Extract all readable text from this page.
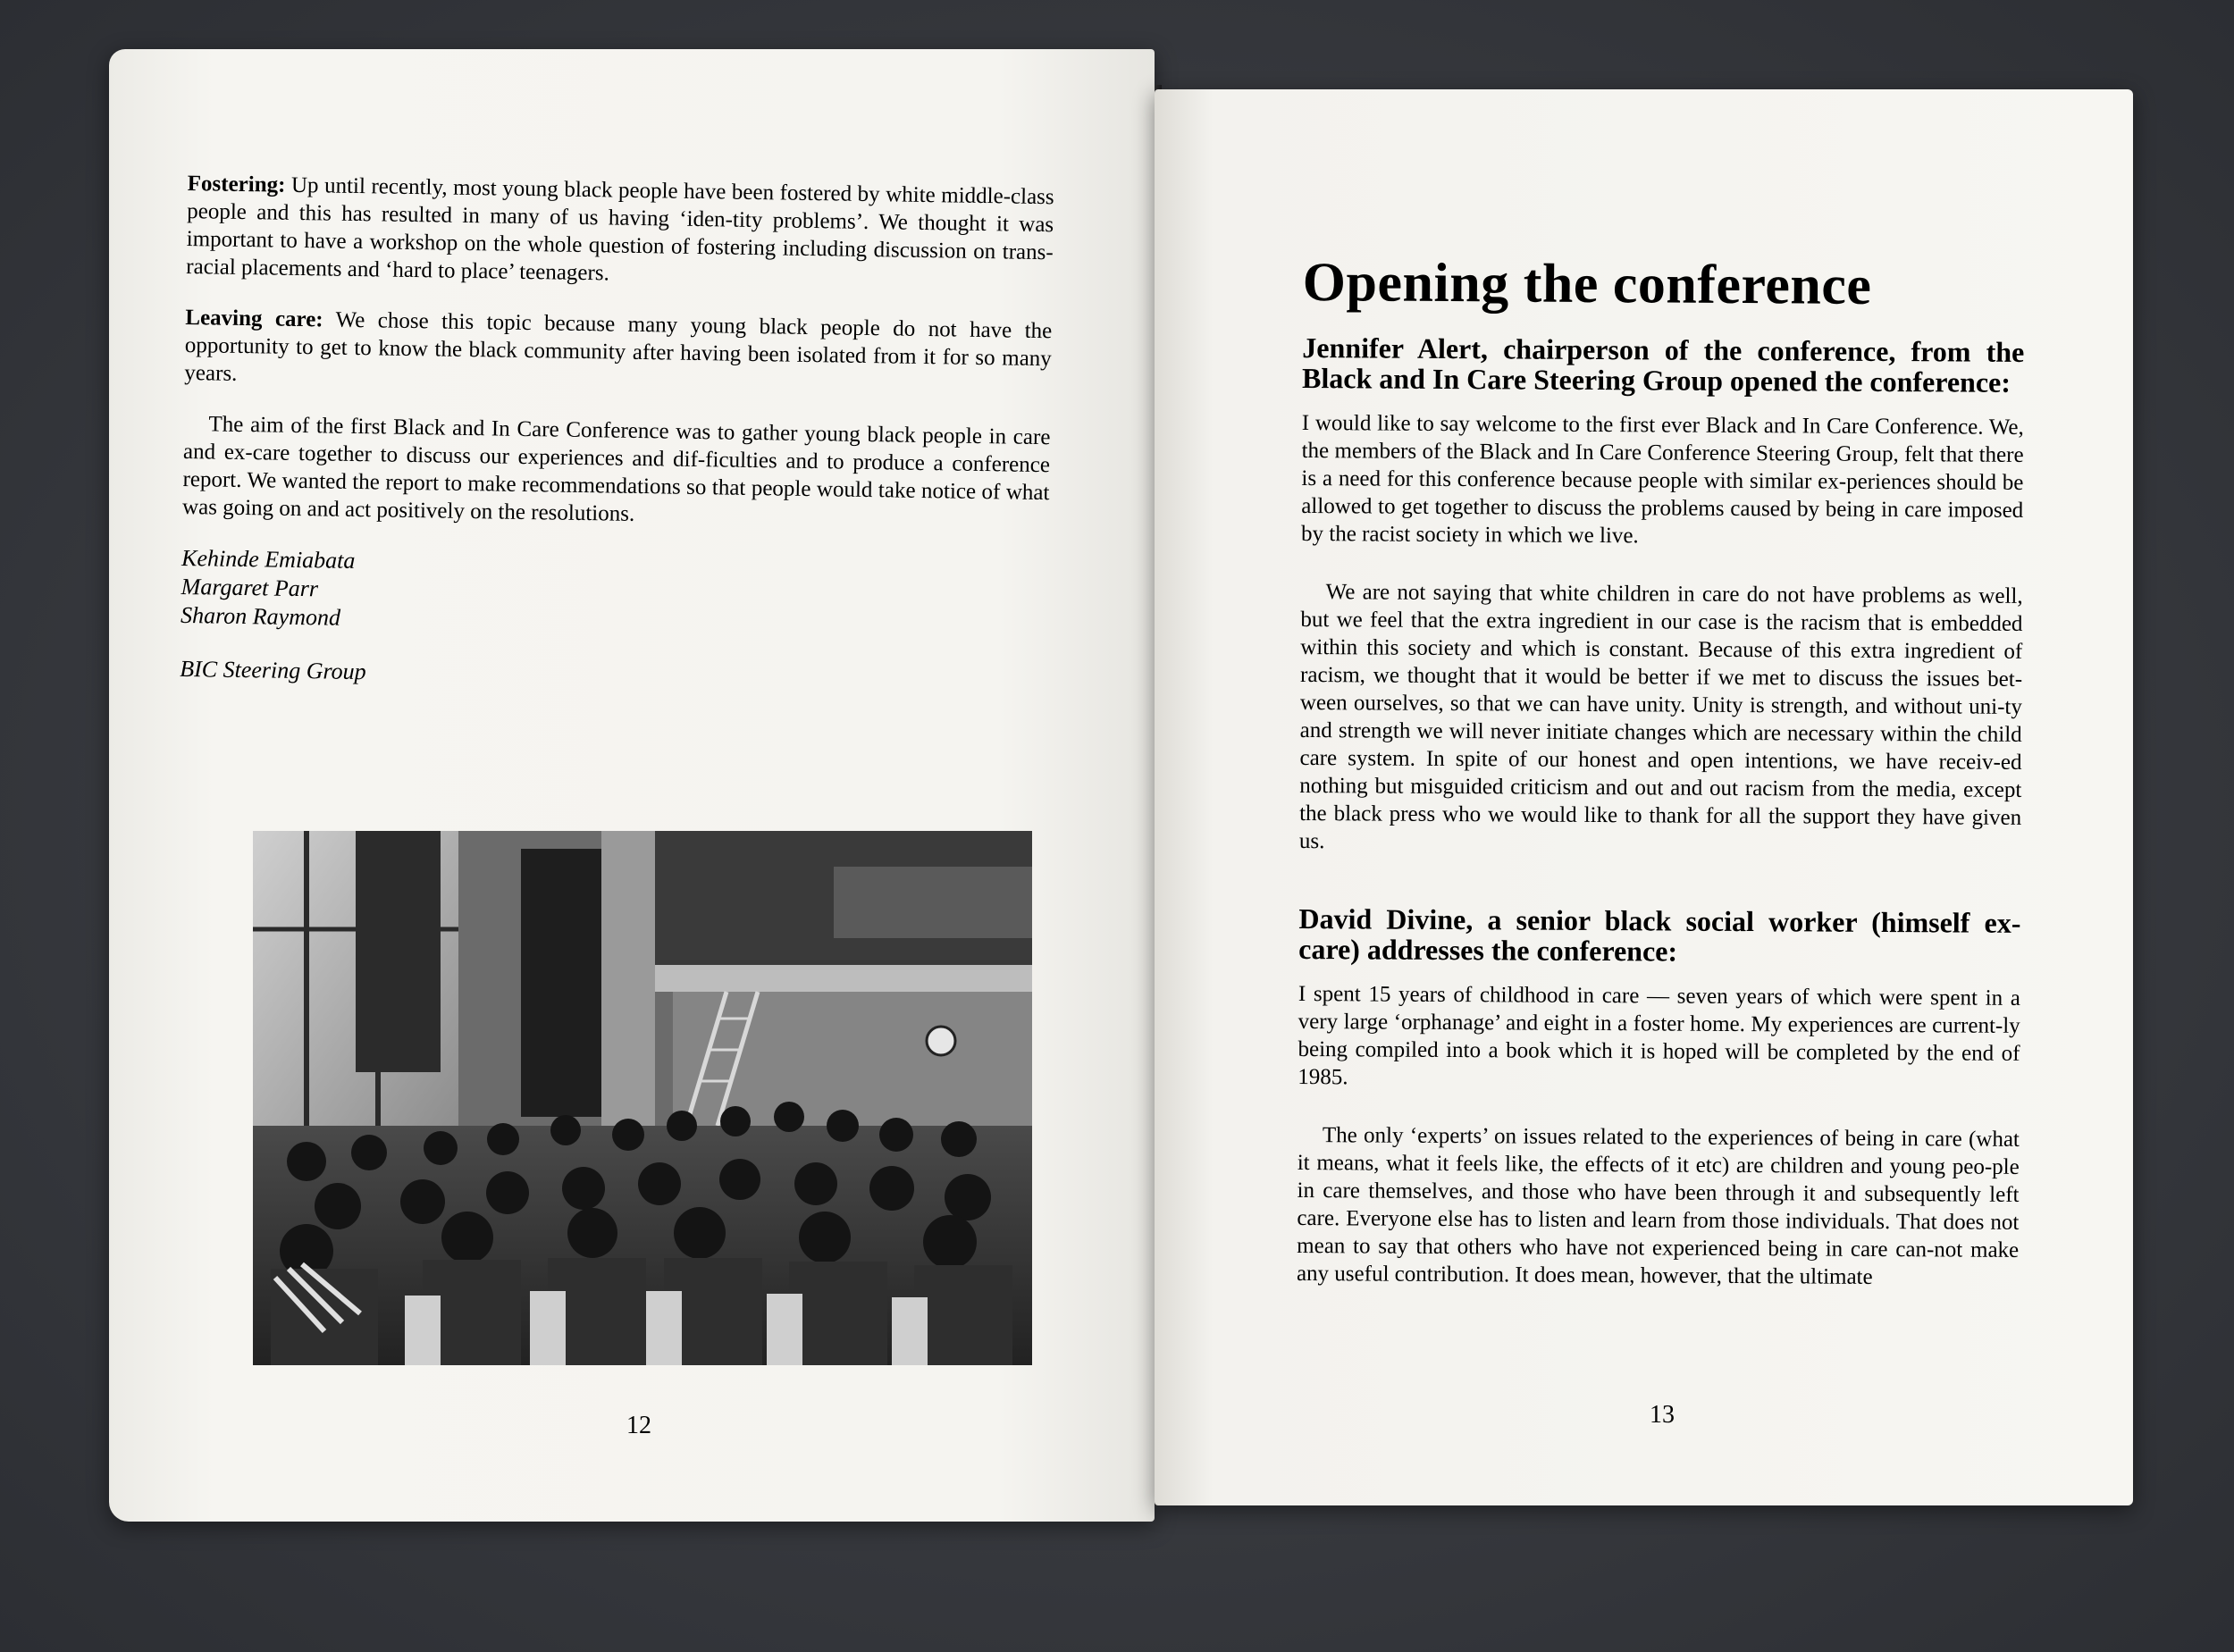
Fostering: Up until recently, most young black people have been fostered by white middle-class people and this has resulted in many of us having ‘iden-tity problems’. We thought it was important to have a workshop on the whole question of fostering including discussion on trans-racial placements and ‘hard to place’ teenagers.

Leaving care: We chose this topic because many young black people do not have the opportunity to get to know the black community after having been isolated from it for so many years.

The aim of the first Black and In Care Conference was to gather young black people in care and ex-care together to discuss our experiences and dif-ficulties and to produce a conference report. We wanted the report to make recommendations so that people would take notice of what was going on and act positively on the resolutions.

Kehinde Emiabata

Margaret Parr

Sharon Raymond

BIC Steering Group

12
Opening the conference
Jennifer Alert, chairperson of the conference, from the Black and In Care Steering Group opened the conference:

I would like to say welcome to the first ever Black and In Care Conference. We, the members of the Black and In Care Conference Steering Group, felt that there is a need for this conference because people with similar ex-periences should be allowed to get together to discuss the problems caused by being in care imposed by the racist society in which we live.

We are not saying that white children in care do not have problems as well, but we feel that the extra ingredient in our case is the racism that is embedded within this society and which is constant. Because of this extra ingredient of racism, we thought that it would be better if we met to discuss the issues bet-ween ourselves, so that we can have unity. Unity is strength, and without uni-ty and strength we will never initiate changes which are necessary within the child care system. In spite of our honest and open intentions, we have receiv-ed nothing but misguided criticism and out and out racism from the media, except the black press who we would like to thank for all the support they have given us.

David Divine, a senior black social worker (himself ex-care) addresses the conference:

I spent 15 years of childhood in care — seven years of which were spent in a very large ‘orphanage’ and eight in a foster home. My experiences are current-ly being compiled into a book which it is hoped will be completed by the end of 1985.

The only ‘experts’ on issues related to the experiences of being in care (what it means, what it feels like, the effects of it etc) are children and young peo-ple in care themselves, and those who have been through it and subsequently left care. Everyone else has to listen and learn from those individuals. That does not mean to say that others who have not experienced being in care can-not make any useful contribution. It does mean, however, that the ultimate

13
